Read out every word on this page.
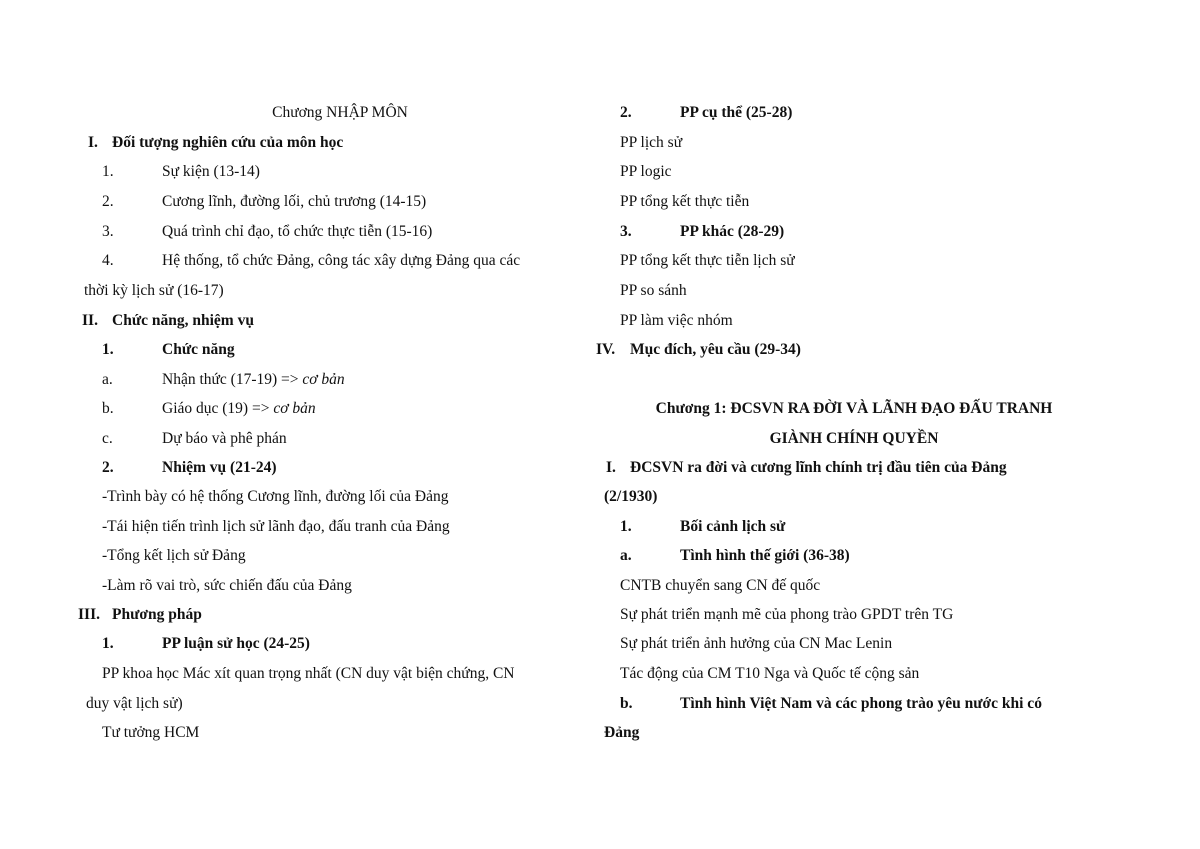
Chương NHẬP MÔN
I. Đối tượng nghiên cứu của môn học
1.	Sự kiện (13-14)
2.	Cương lĩnh, đường lối, chủ trương (14-15)
3.	Quá trình chỉ đạo, tổ chức thực tiễn (15-16)
4.	Hệ thống, tổ chức Đảng, công tác xây dựng Đảng qua các
thời kỳ lịch sử (16-17)
II. Chức năng, nhiệm vụ
1.	Chức năng
a.	Nhận thức (17-19) => cơ bản
b.	Giáo dục (19) => cơ bản
c.	Dự báo và phê phán
2.	Nhiệm vụ (21-24)
-Trình bày có hệ thống Cương lĩnh, đường lối của Đảng
-Tái hiện tiến trình lịch sử lãnh đạo, đấu tranh của Đảng
-Tổng kết lịch sử Đảng
-Làm rõ vai trò, sức chiến đấu của Đảng
III. Phương pháp
1.	PP luận sử học (24-25)
PP khoa học Mác xít quan trọng nhất (CN duy vật biện chứng, CN
duy vật lịch sử)
Tư tưởng HCM
2.	PP cụ thể (25-28)
PP lịch sử
PP logic
PP tổng kết thực tiễn
3.	PP khác (28-29)
PP tổng kết thực tiễn lịch sử
PP so sánh
PP làm việc nhóm
IV. Mục đích, yêu cầu (29-34)
Chương 1: ĐCSVN RA ĐỜI VÀ LÃNH ĐẠO ĐẤU TRANH
GIÀNH CHÍNH QUYỀN
I. ĐCSVN ra đời và cương lĩnh chính trị đầu tiên của Đảng
(2/1930)
1.	Bối cảnh lịch sử
a.	Tình hình thế giới (36-38)
CNTB chuyển sang CN đế quốc
Sự phát triển mạnh mẽ của phong trào GPDT trên TG
Sự phát triển ảnh hưởng của CN Mac Lenin
Tác động của CM T10 Nga và Quốc tế cộng sản
b.	Tình hình Việt Nam và các phong trào yêu nước khi có
Đảng
